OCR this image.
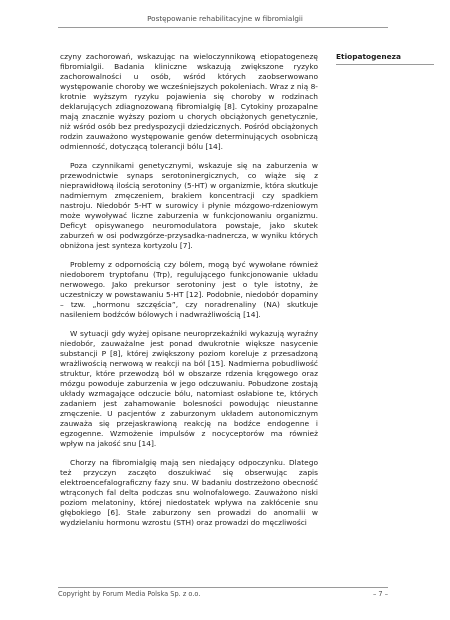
Postępowanie rehabilitacyjne w fibromialgii
Etiopatogeneza

czyny zachorowań, wskazując na wieloczynnikową etiopatogenezę fibromialgii. Badania kliniczne wskazują zwiększone ryzyko zachorowalności u osób, wśród których zaobserwowano występowanie choroby we wcześniejszych pokoleniach. Wraz z nią 8-krotnie wyższym ryzyku pojawienia się choroby w rodzinach deklarujących zdiagnozowaną fibromialgię [8]. Cytokiny prozapalne mają znacznie wyższy poziom u chorych obciążonych genetycznie, niż wśród osób bez predyspozycji dziedzicznych. Pośród obciążonych rodzin zauważono występowanie genów determinujących osobniczą odmienność, dotyczącą tolerancji bólu [14].

Poza czynnikami genetycznymi, wskazuje się na zaburzenia w przewodnictwie synaps serotoninergicznych, co wiąże się z nieprawidłową ilością serotoniny (5-HT) w organizmie, która skutkuje nadmiernym zmęczeniem, brakiem koncentracji czy spadkiem nastroju. Niedobór 5-HT w surowicy i płynie mózgowo-rdzeniowym może wywoływać liczne zaburzenia w funkcjonowaniu organizmu. Deficyt opisywanego neuromodulatora powstaje, jako skutek zaburzeń w osi podwzgórze-przysadka-nadnercza, w wyniku których obniżona jest synteza kortyzolu [7].

Problemy z odpornością czy bólem, mogą być wywołane również niedoborem tryptofanu (Trp), regulującego funkcjonowanie układu nerwowego. Jako prekursor serotoniny jest o tyle istotny, że uczestniczy w powstawaniu 5-HT [12]. Podobnie, niedobór dopaminy – tzw. „hormonu szczęścia”, czy noradrenaliny (NA) skutkuje nasileniem bodźców bólowych i nadwrażliwością [14].

W sytuacji gdy wyżej opisane neuroprzekaźniki wykazują wyraźny niedobór, zauważalne jest ponad dwukrotnie większe nasycenie substancji P [8], której zwiększony poziom koreluje z przesadzoną wrażliwością nerwową w reakcji na ból [15]. Nadmierna pobudliwość struktur, które przewodzą ból w obszarze rdzenia kręgowego oraz mózgu powoduje zaburzenia w jego odczuwaniu. Pobudzone zostają układy wzmagające odczucie bólu, natomiast osłabione te, których zadaniem jest zahamowanie bolesności powodując nieustanne zmęczenie. U pacjentów z zaburzonym układem autonomicznym zauważa się przejaskrawioną reakcję na bodźce endogenne i egzogenne. Wzmożenie impulsów z nocyceptorów ma również wpływ na jakość snu [14].

Chorzy na fibromialgię mają sen niedający odpoczynku. Dlatego też przyczyn zaczęto doszukiwać się obserwując zapis elektroencefalograficzny fazy snu. W badaniu dostrzeżono obecność wtrąconych fal delta podczas snu wolnofalowego. Zauważono niski poziom melatoniny, której niedostatek wpływa na zakłócenie snu głębokiego [6]. Stałe zaburzony sen prowadzi do anomalii w wydzielaniu hormonu wzrostu (STH) oraz prowadzi do męczliwości

Copyright by Forum Media Polska Sp. z o.o.	– 7 –
